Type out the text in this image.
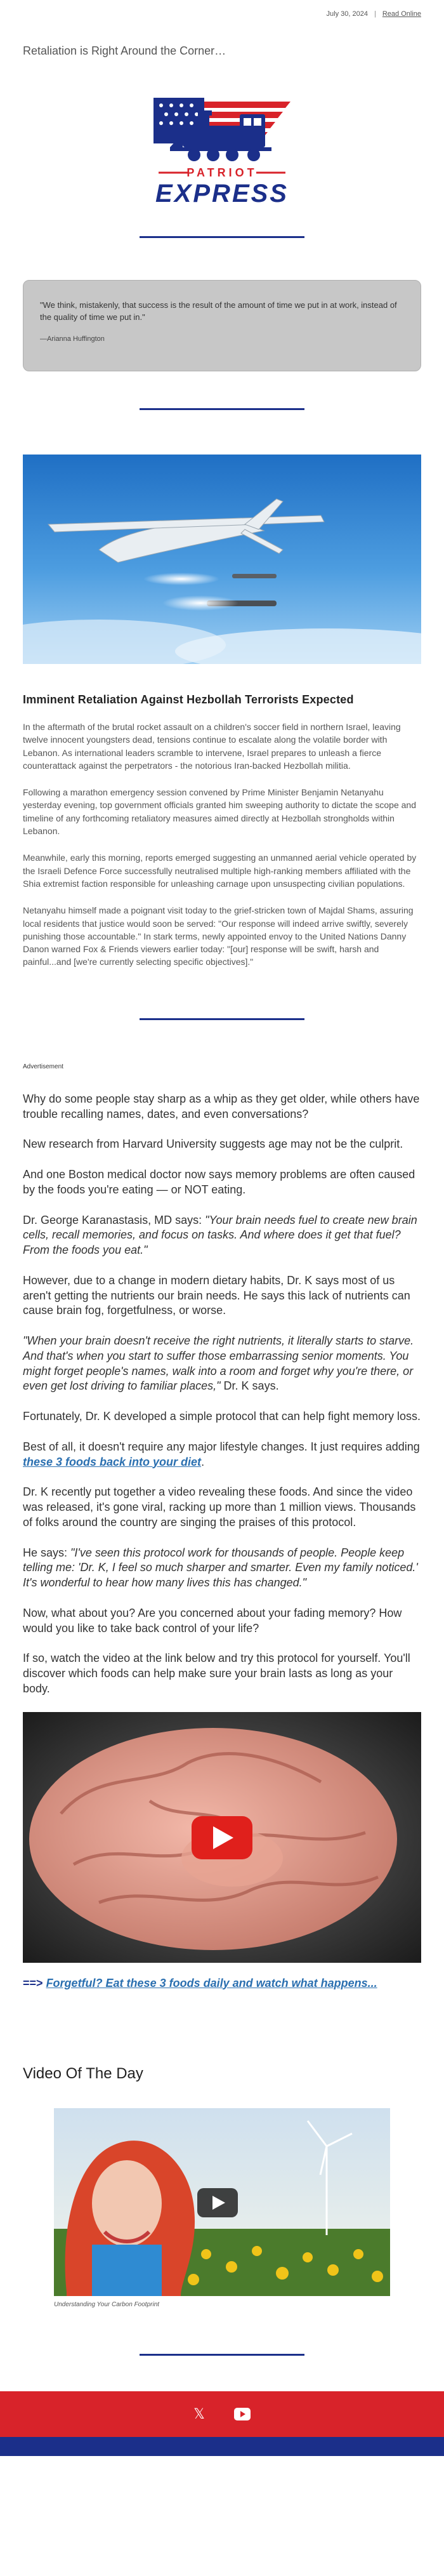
July 30, 2024 | Read Online
Retaliation is Right Around the Corner…
PATRIOT
EXPRESS
"We think, mistakenly, that success is the result of the amount of time we put in at work, instead of the quality of time we put in."
—Arianna Huffington
Imminent Retaliation Against Hezbollah Terrorists Expected

In the aftermath of the brutal rocket assault on a children's soccer field in northern Israel, leaving twelve innocent youngsters dead, tensions continue to escalate along the volatile border with Lebanon. As international leaders scramble to intervene, Israel prepares to unleash a fierce counterattack against the perpetrators - the notorious Iran-backed Hezbollah militia.

Following a marathon emergency session convened by Prime Minister Benjamin Netanyahu yesterday evening, top government officials granted him sweeping authority to dictate the scope and timeline of any forthcoming retaliatory measures aimed directly at Hezbollah strongholds within Lebanon.

Meanwhile, early this morning, reports emerged suggesting an unmanned aerial vehicle operated by the Israeli Defence Force successfully neutralised multiple high-ranking members affiliated with the Shia extremist faction responsible for unleashing carnage upon unsuspecting civilian populations.

Netanyahu himself made a poignant visit today to the grief-stricken town of Majdal Shams, assuring local residents that justice would soon be served: "Our response will indeed arrive swiftly, severely punishing those accountable." In stark terms, newly appointed envoy to the United Nations Danny Danon warned Fox & Friends viewers earlier today: "[our] response will be swift, harsh and painful...and [we're currently selecting specific objectives]."

Advertisement

Why do some people stay sharp as a whip as they get older, while others have trouble recalling names, dates, and even conversations?

New research from Harvard University suggests age may not be the culprit.

And one Boston medical doctor now says memory problems are often caused by the foods you're eating — or NOT eating.

Dr. George Karanastasis, MD says: "Your brain needs fuel to create new brain cells, recall memories, and focus on tasks. And where does it get that fuel? From the foods you eat."

However, due to a change in modern dietary habits, Dr. K says most of us aren't getting the nutrients our brain needs. He says this lack of nutrients can cause brain fog, forgetfulness, or worse.

"When your brain doesn't receive the right nutrients, it literally starts to starve. And that's when you start to suffer those embarrassing senior moments. You might forget people's names, walk into a room and forget why you're there, or even get lost driving to familiar places," Dr. K says.

Fortunately, Dr. K developed a simple protocol that can help fight memory loss.

Best of all, it doesn't require any major lifestyle changes. It just requires adding these 3 foods back into your diet.

Dr. K recently put together a video revealing these foods. And since the video was released, it's gone viral, racking up more than 1 million views. Thousands of folks around the country are singing the praises of this protocol.

He says: "I've seen this protocol work for thousands of people. People keep telling me: 'Dr. K, I feel so much sharper and smarter. Even my family noticed.' It's wonderful to hear how many lives this has changed."

Now, what about you? Are you concerned about your fading memory? How would you like to take back control of your life?

If so, watch the video at the link below and try this protocol for yourself. You'll discover which foods can help make sure your brain lasts as long as your body.

==> Forgetful? Eat these 3 foods daily and watch what happens...
Video Of The Day
Understanding Your Carbon Footprint
𝕏
